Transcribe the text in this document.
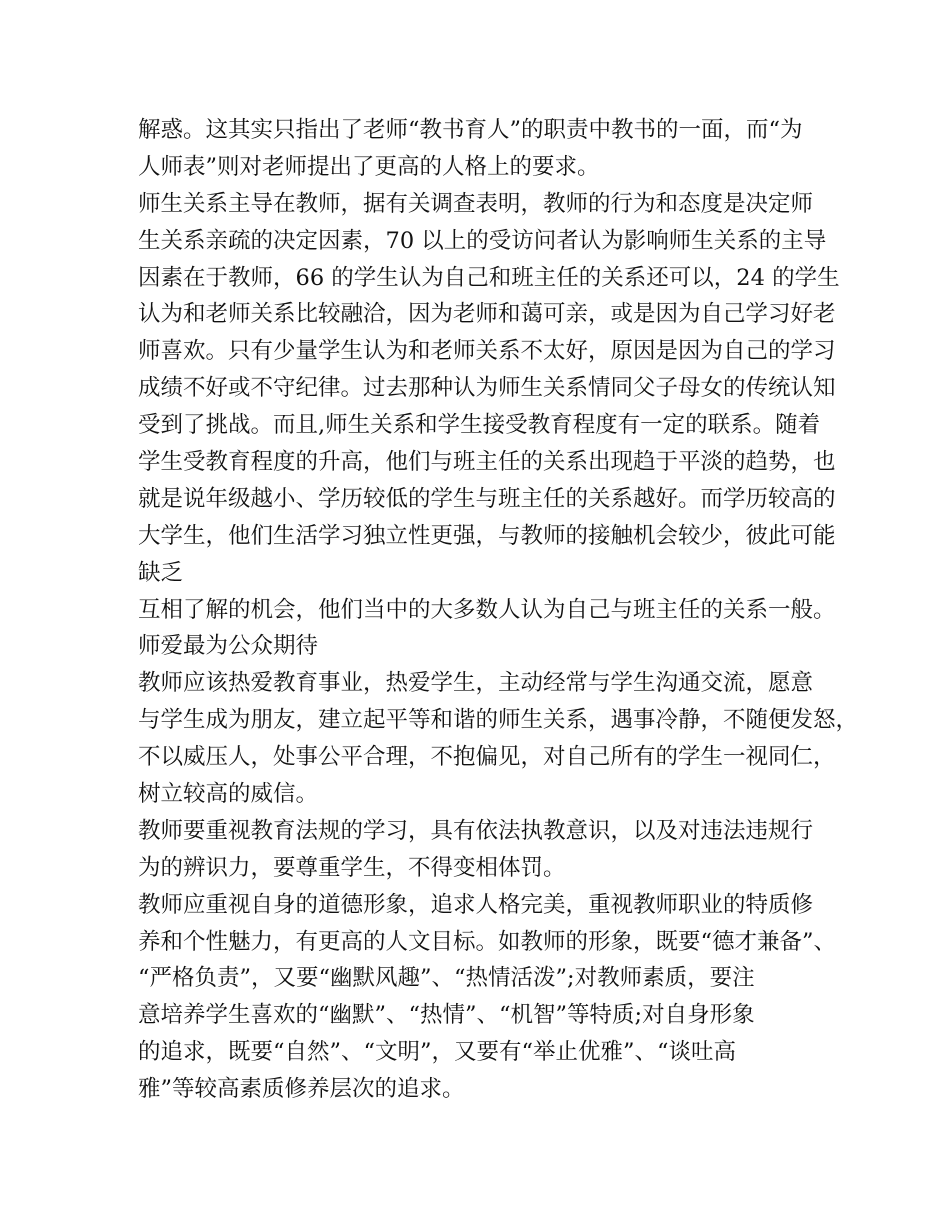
解惑。这其实只指出了老师“教书育人”的职责中教书的一面，而“为
人师表”则对老师提出了更高的人格上的要求。
师生关系主导在教师，据有关调查表明，教师的行为和态度是决定师
生关系亲疏的决定因素，70 以上的受访问者认为影响师生关系的主导
因素在于教师，66 的学生认为自己和班主任的关系还可以，24 的学生
认为和老师关系比较融洽，因为老师和蔼可亲，或是因为自己学习好老
师喜欢。只有少量学生认为和老师关系不太好，原因是因为自己的学习
成绩不好或不守纪律。过去那种认为师生关系情同父子母女的传统认知
受到了挑战。而且,师生关系和学生接受教育程度有一定的联系。随着
学生受教育程度的升高，他们与班主任的关系出现趋于平淡的趋势，也
就是说年级越小、学历较低的学生与班主任的关系越好。而学历较高的
大学生，他们生活学习独立性更强，与教师的接触机会较少，彼此可能
缺乏
互相了解的机会，他们当中的大多数人认为自己与班主任的关系一般。
师爱最为公众期待
教师应该热爱教育事业，热爱学生，主动经常与学生沟通交流，愿意
与学生成为朋友，建立起平等和谐的师生关系，遇事冷静，不随便发怒，
不以威压人，处事公平合理，不抱偏见，对自己所有的学生一视同仁，
树立较高的威信。
教师要重视教育法规的学习，具有依法执教意识，以及对违法违规行
为的辨识力，要尊重学生，不得变相体罚。
教师应重视自身的道德形象，追求人格完美，重视教师职业的特质修
养和个性魅力，有更高的人文目标。如教师的形象，既要“德才兼备”、
“严格负责”，又要“幽默风趣”、“热情活泼”;对教师素质，要注
意培养学生喜欢的“幽默”、“热情”、“机智”等特质;对自身形象
的追求，既要“自然”、“文明”，又要有“举止优雅”、“谈吐高
雅”等较高素质修养层次的追求。
